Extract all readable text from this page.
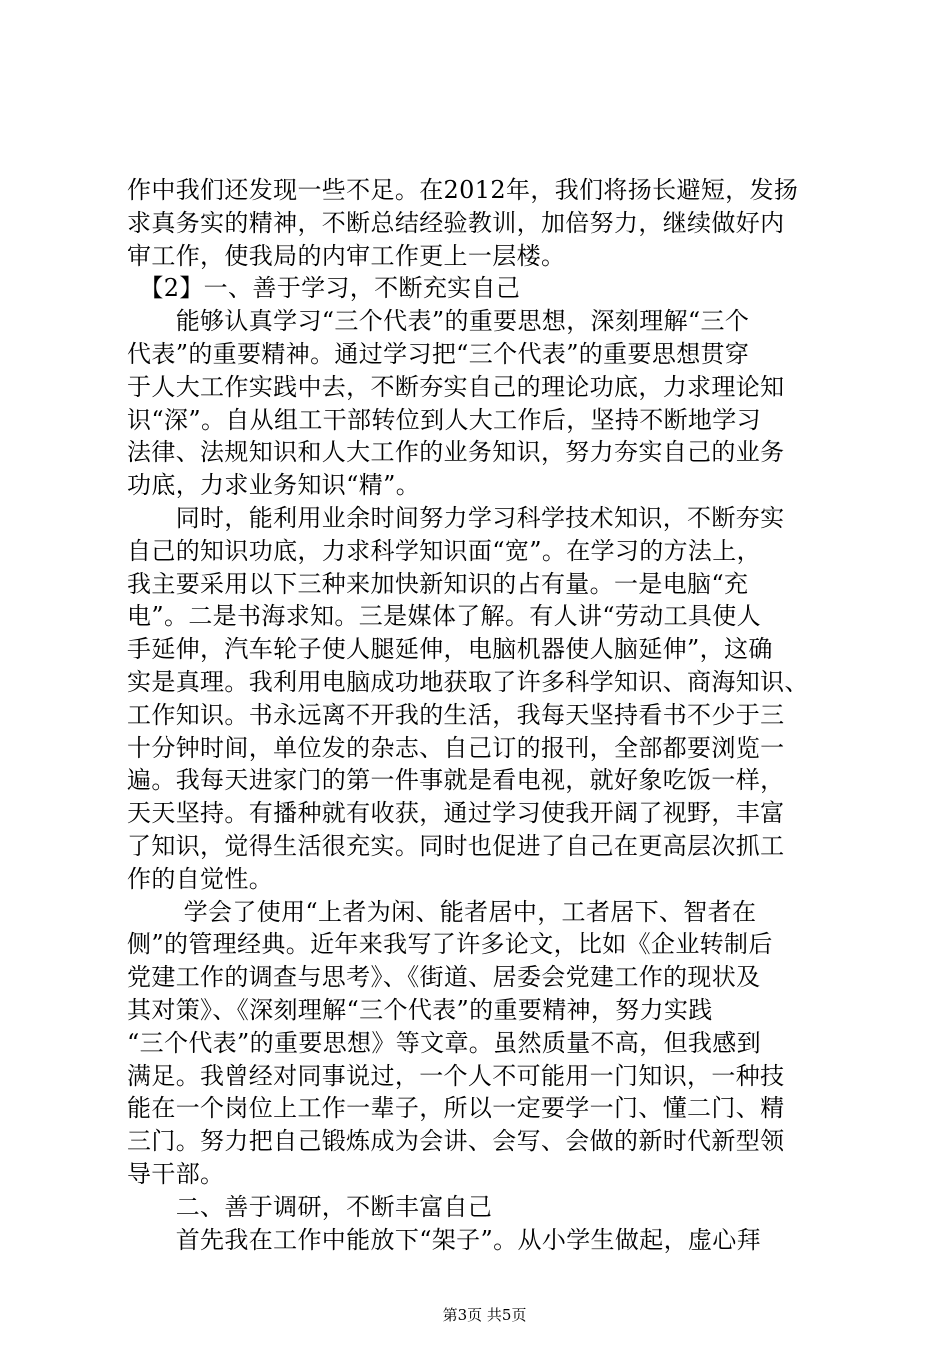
作中我们还发现一些不足。在2012年，我们将扬长避短，发扬
求真务实的精神，不断总结经验教训，加倍努力，继续做好内
审工作，使我局的内审工作更上一层楼。
　【2】一、善于学习，不断充实自己
　　能够认真学习“三个代表”的重要思想，深刻理解“三个
代表”的重要精神。通过学习把“三个代表”的重要思想贯穿
于人大工作实践中去，不断夯实自己的理论功底，力求理论知
识“深”。自从组工干部转位到人大工作后，坚持不断地学习
法律、法规知识和人大工作的业务知识，努力夯实自己的业务
功底，力求业务知识“精”。
　　同时，能利用业余时间努力学习科学技术知识，不断夯实
自己的知识功底，力求科学知识面“宽”。在学习的方法上，
我主要采用以下三种来加快新知识的占有量。一是电脑“充
电”。二是书海求知。三是媒体了解。有人讲“劳动工具使人
手延伸，汽车轮子使人腿延伸，电脑机器使人脑延伸”，这确
实是真理。我利用电脑成功地获取了许多科学知识、商海知识、
工作知识。书永远离不开我的生活，我每天坚持看书不少于三
十分钟时间，单位发的杂志、自己订的报刊，全部都要浏览一
遍。我每天进家门的第一件事就是看电视，就好象吃饭一样，
天天坚持。有播种就有收获，通过学习使我开阔了视野，丰富
了知识，觉得生活很充实。同时也促进了自己在更高层次抓工
作的自觉性。
　　 学会了使用“上者为闲、能者居中，工者居下、智者在
侧”的管理经典。近年来我写了许多论文，比如《企业转制后
党建工作的调查与思考》、《街道、居委会党建工作的现状及
其对策》、《深刻理解“三个代表”的重要精神，努力实践
“三个代表”的重要思想》等文章。虽然质量不高，但我感到
满足。我曾经对同事说过，一个人不可能用一门知识，一种技
能在一个岗位上工作一辈子，所以一定要学一门、懂二门、精
三门。努力把自己锻炼成为会讲、会写、会做的新时代新型领
导干部。
　　二、善于调研，不断丰富自己
　　首先我在工作中能放下“架子”。从小学生做起，虚心拜

第3页 共5页
